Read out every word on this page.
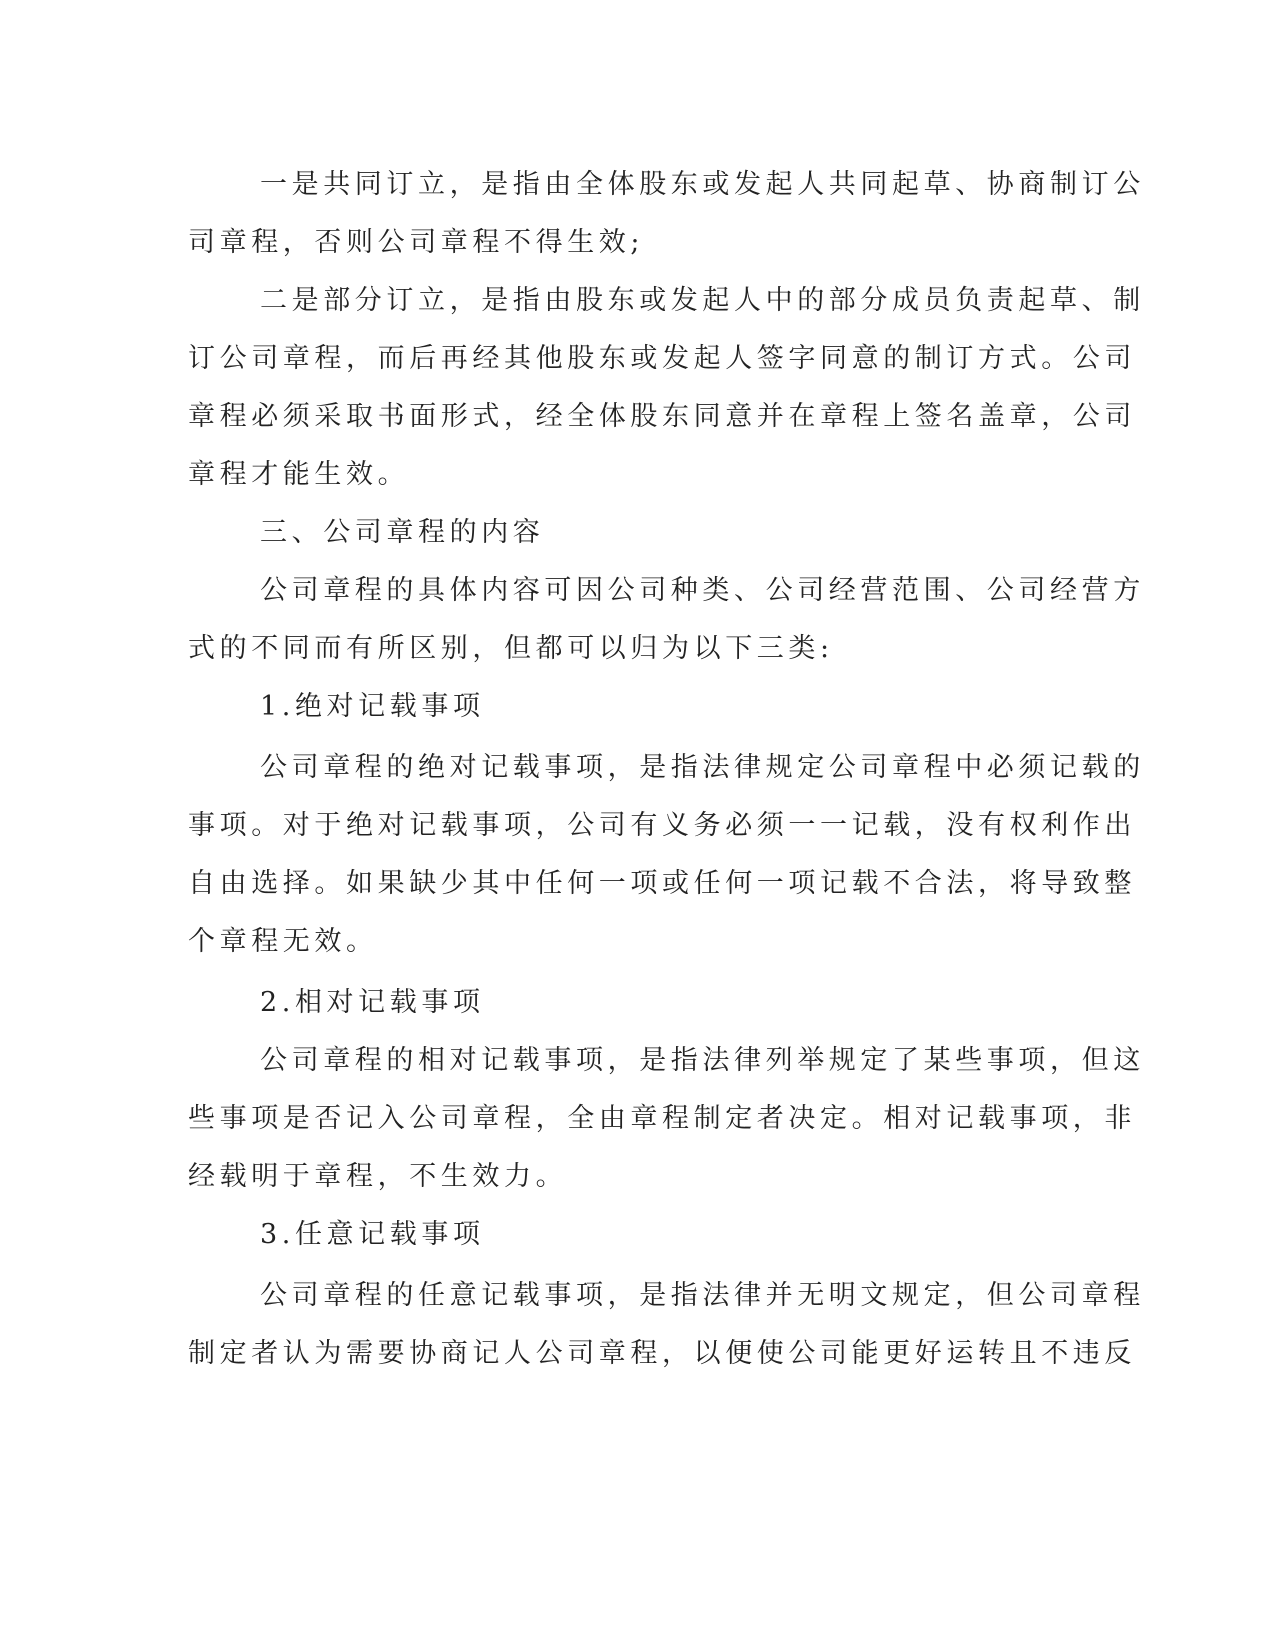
一是共同订立，是指由全体股东或发起人共同起草、协商制订公

司章程，否则公司章程不得生效;

二是部分订立，是指由股东或发起人中的部分成员负责起草、制

订公司章程，而后再经其他股东或发起人签字同意的制订方式。公司

章程必须采取书面形式，经全体股东同意并在章程上签名盖章，公司

章程才能生效。

三、公司章程的内容

公司章程的具体内容可因公司种类、公司经营范围、公司经营方

式的不同而有所区别，但都可以归为以下三类:

1.绝对记载事项

公司章程的绝对记载事项，是指法律规定公司章程中必须记载的

事项。对于绝对记载事项，公司有义务必须一一记载，没有权利作出

自由选择。如果缺少其中任何一项或任何一项记载不合法，将导致整

个章程无效。

2.相对记载事项

公司章程的相对记载事项，是指法律列举规定了某些事项，但这

些事项是否记入公司章程，全由章程制定者决定。相对记载事项，非

经载明于章程，不生效力。

3.任意记载事项

公司章程的任意记载事项，是指法律并无明文规定，但公司章程

制定者认为需要协商记人公司章程，以便使公司能更好运转且不违反
